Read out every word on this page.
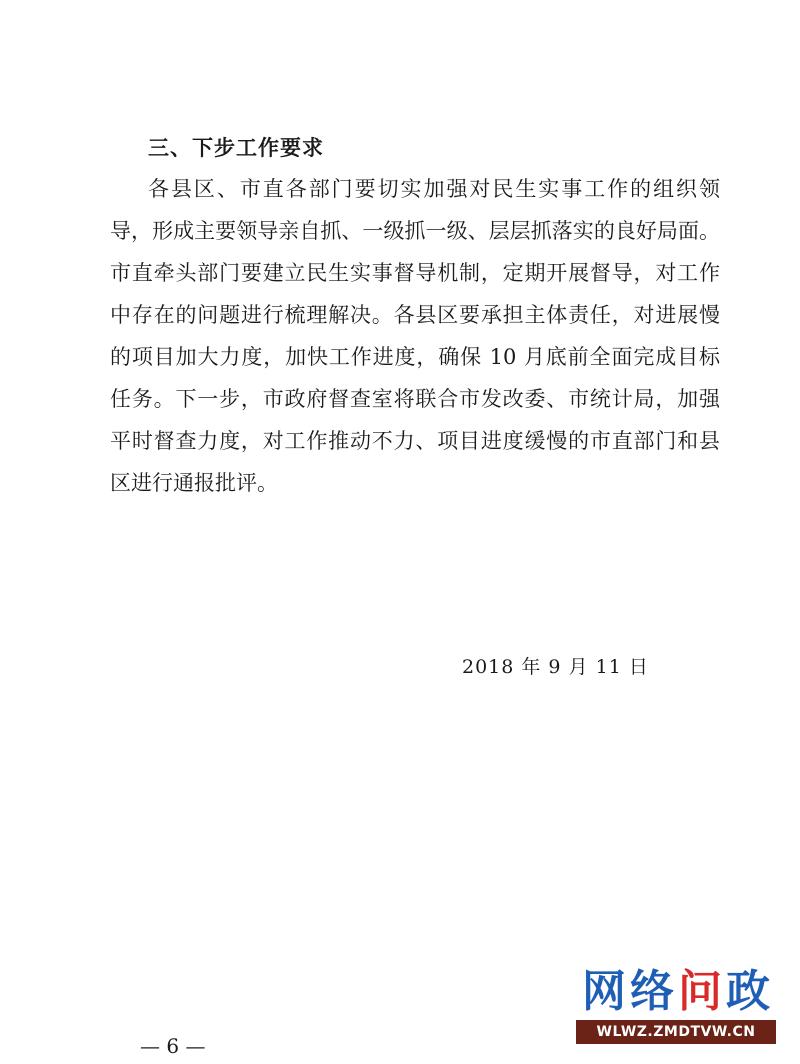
三、下步工作要求
各县区、市直各部门要切实加强对民生实事工作的组织领
导，形成主要领导亲自抓、一级抓一级、层层抓落实的良好局面。
市直牵头部门要建立民生实事督导机制，定期开展督导，对工作
中存在的问题进行梳理解决。各县区要承担主体责任，对进展慢
的项目加大力度，加快工作进度，确保 10 月底前全面完成目标
任务。下一步，市政府督查室将联合市发改委、市统计局，加强
平时督查力度，对工作推动不力、项目进度缓慢的市直部门和县
区进行通报批评。
2018 年 9 月 11 日
— 6 —
网络问政
WLWZ.ZMDTVW.CN
